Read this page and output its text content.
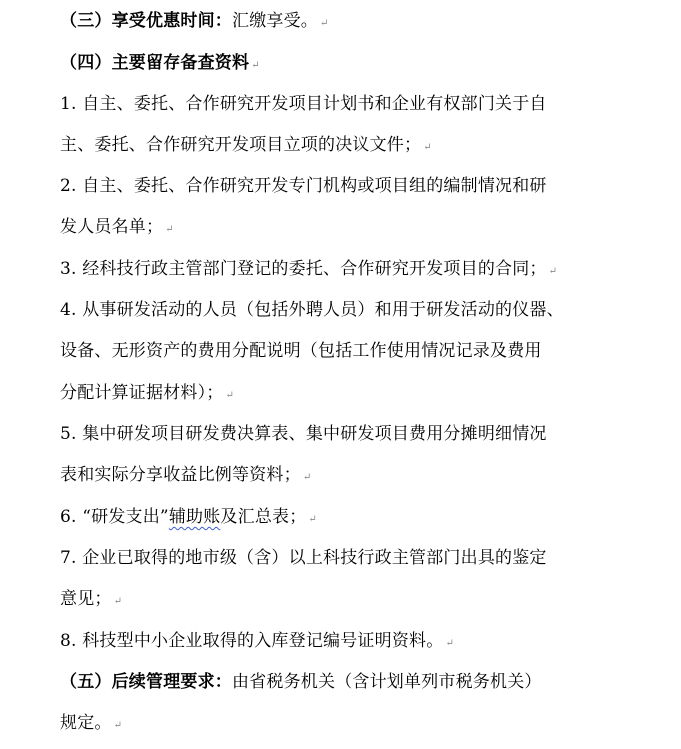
（三）享受优惠时间：汇缴享受。 ↵
（四）主要留存备查资料 ↵
1. 自主、委托、合作研究开发项目计划书和企业有权部门关于自
主、委托、合作研究开发项目立项的决议文件； ↵
2. 自主、委托、合作研究开发专门机构或项目组的编制情况和研
发人员名单； ↵
3. 经科技行政主管部门登记的委托、合作研究开发项目的合同； ↵
4. 从事研发活动的人员（包括外聘人员）和用于研发活动的仪器、
设备、无形资产的费用分配说明（包括工作使用情况记录及费用
分配计算证据材料）； ↵
5. 集中研发项目研发费决算表、集中研发项目费用分摊明细情况
表和实际分享收益比例等资料； ↵
6. “研发支出”辅助账及汇总表； ↵
7. 企业已取得的地市级（含）以上科技行政主管部门出具的鉴定
意见； ↵
8. 科技型中小企业取得的入库登记编号证明资料。 ↵
（五）后续管理要求：由省税务机关（含计划单列市税务机关）
规定。 ↵
